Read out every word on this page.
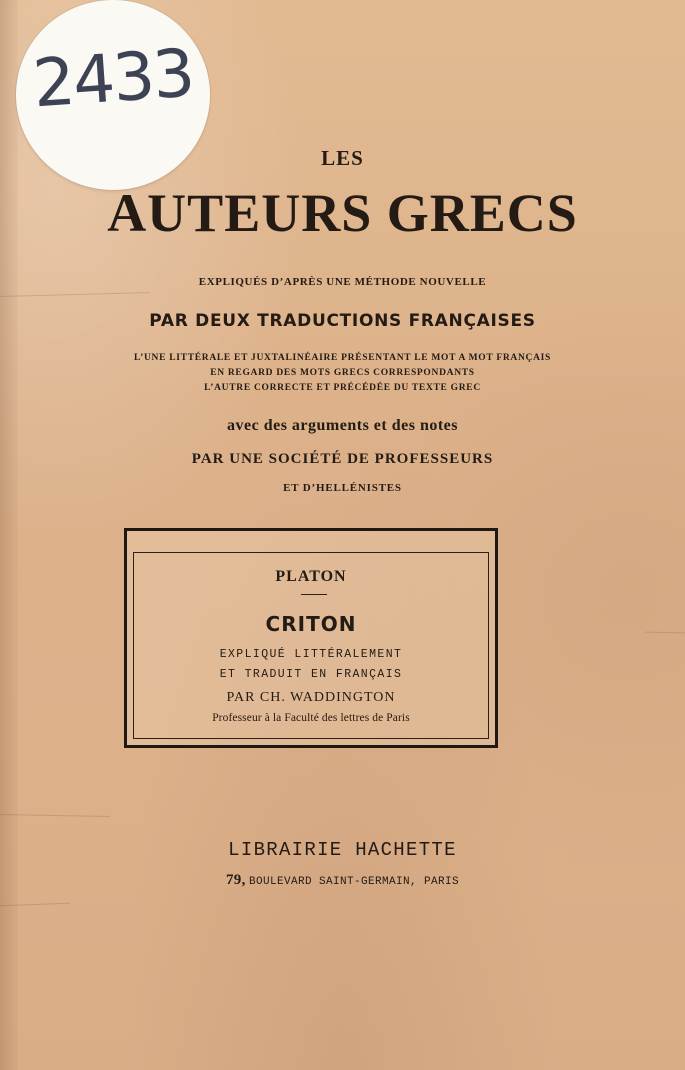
2433
LES
AUTEURS GRECS
EXPLIQUÉS D’APRÈS UNE MÉTHODE NOUVELLE
PAR DEUX TRADUCTIONS FRANÇAISES
L’UNE LITTÉRALE ET JUXTALINÉAIRE PRÉSENTANT LE MOT A MOT FRANÇAIS
EN REGARD DES MOTS GRECS CORRESPONDANTS
L’AUTRE CORRECTE ET PRÉCÉDÉE DU TEXTE GREC
avec des arguments et des notes
PAR UNE SOCIÉTÉ DE PROFESSEURS
ET D’HELLÉNISTES
PLATON
CRITON
EXPLIQUÉ LITTÉRALEMENT
ET TRADUIT EN FRANÇAIS
PAR CH. WADDINGTON
Professeur à la Faculté des lettres de Paris
LIBRAIRIE HACHETTE
79, BOULEVARD SAINT-GERMAIN, PARIS
